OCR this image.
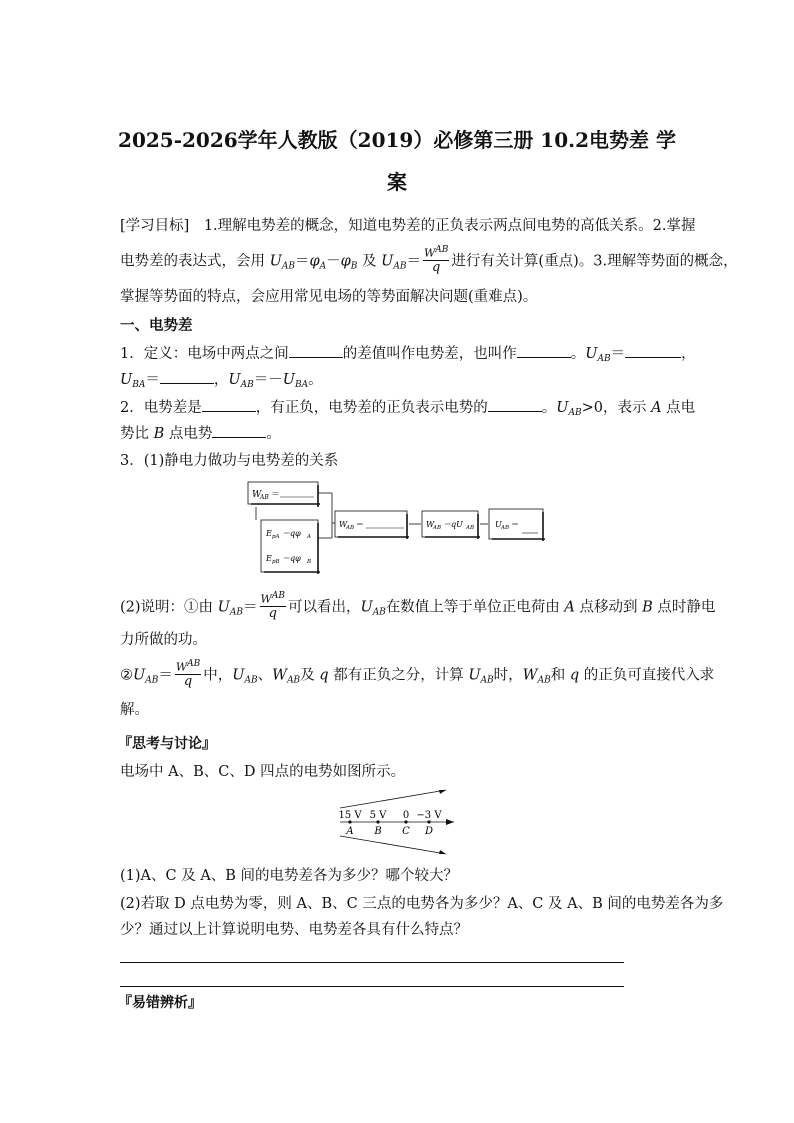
2025-2026学年人教版（2019）必修第三册 10.2电势差 学
案
[学习目标]　1.理解电势差的概念，知道电势差的正负表示两点间电势的高低关系。2.掌握
电势差的表达式，会用 $U_{AB}=\varphi_A-\varphi_B$ 及 $U_{AB}= \frac{W^{AB}}{q}$ 进行有关计算(重点)。3.理解等势面的概念，
掌握等势面的特点，会应用常见电场的等势面解决问题(重难点)。
一、电势差
1．定义：电场中两点之间	的差值叫作电势差，也叫作	。$U_{AB}=$	，
$U_{BA}=$	，$U_{AB}=-U_{BA}$。
2．电势差是	，有正负，电势差的正负表示电势的	。$U_{AB}>0$，表示 A 点电
势比 B 点电势	。
3．(1)静电力做功与电势差的关系
W
AB ＝
E pA ＝qφ A
E pB ＝qφ B
W
AB ＝	W
AB ＝qU AB	U AB ＝
(2)说明：①由 $U_{AB}= \frac{W^{AB}}{q}$ 可以看出，$U_{AB}$在数值上等于单位正电荷由 A 点移动到 B 点时静电
力所做的功。
$②U_{AB}= \frac{W^{AB}}{q}$ 中，$U_{AB}$、$W_{AB}$及 q 都有正负之分，计算 $U_{AB}$时，$W_{AB}$和 q 的正负可直接代入求
解。
『思考与讨论』
电场中 A、B、C、D 四点的电势如图所示。
15 V
A
5 V
B
0
C
−3 V
D
(1)A、C 及 A、B 间的电势差各为多少？哪个较大？
(2)若取 D 点电势为零，则 A、B、C 三点的电势各为多少？A、C 及 A、B 间的电势差各为多
少？通过以上计算说明电势、电势差各具有什么特点？
『易错辨析』
